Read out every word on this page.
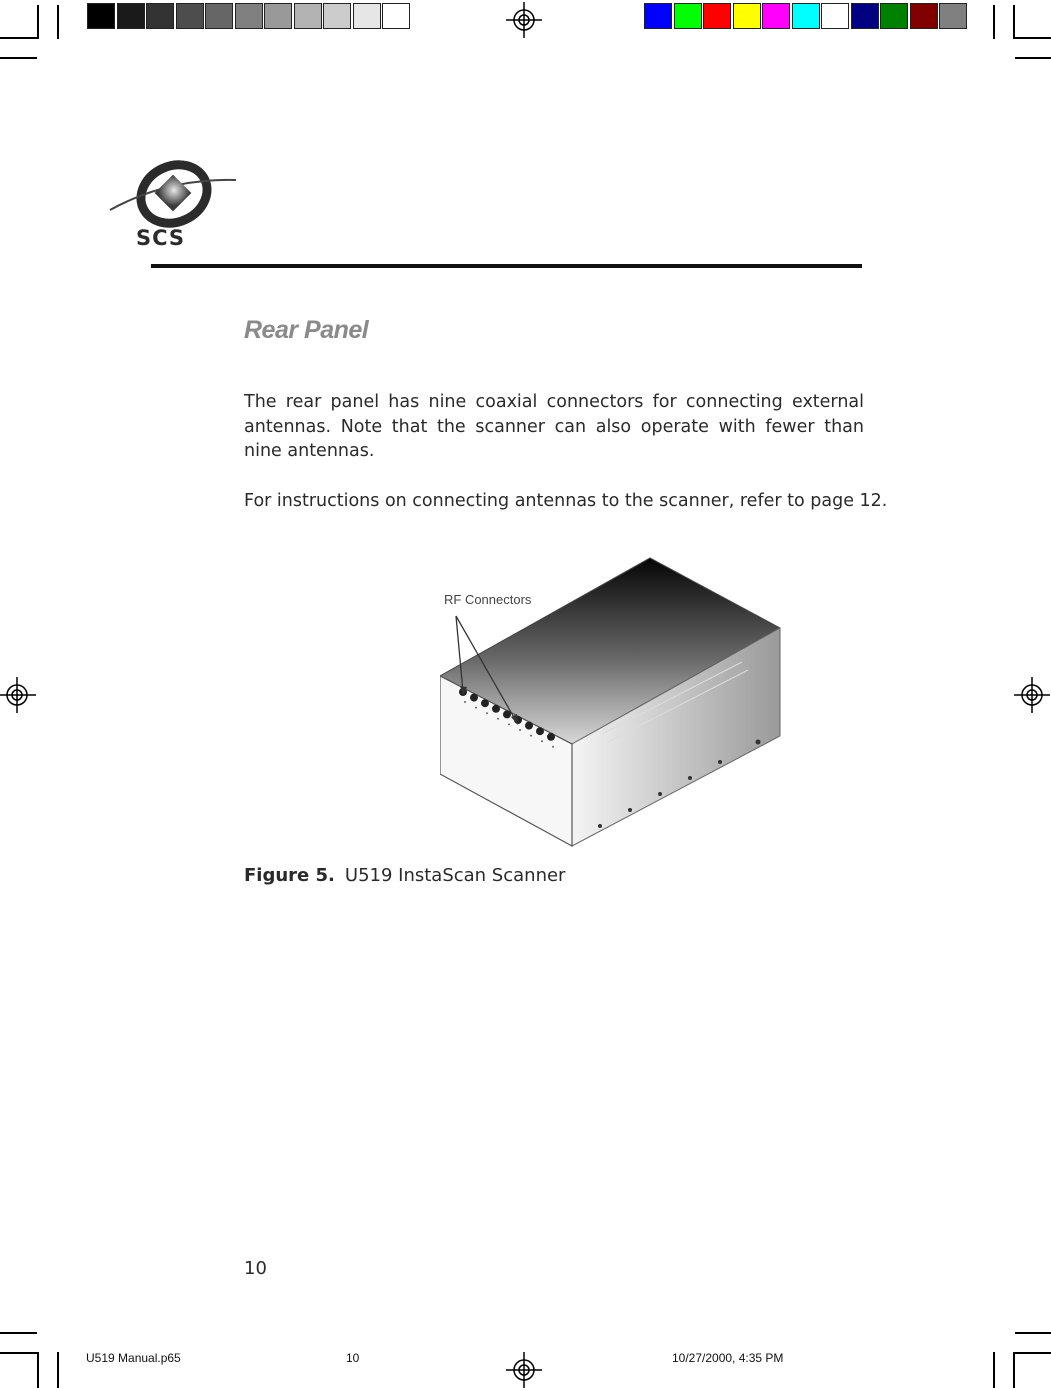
SCS
Rear Panel
The rear panel has nine coaxial connectors for connecting external antennas. Note that the scanner can also operate with fewer than nine antennas.
For instructions on connecting antennas to the scanner, refer to page 12.
RF Connectors
Figure 5. U519 InstaScan Scanner
10
U519 Manual.p65	10	10/27/2000, 4:35 PM
